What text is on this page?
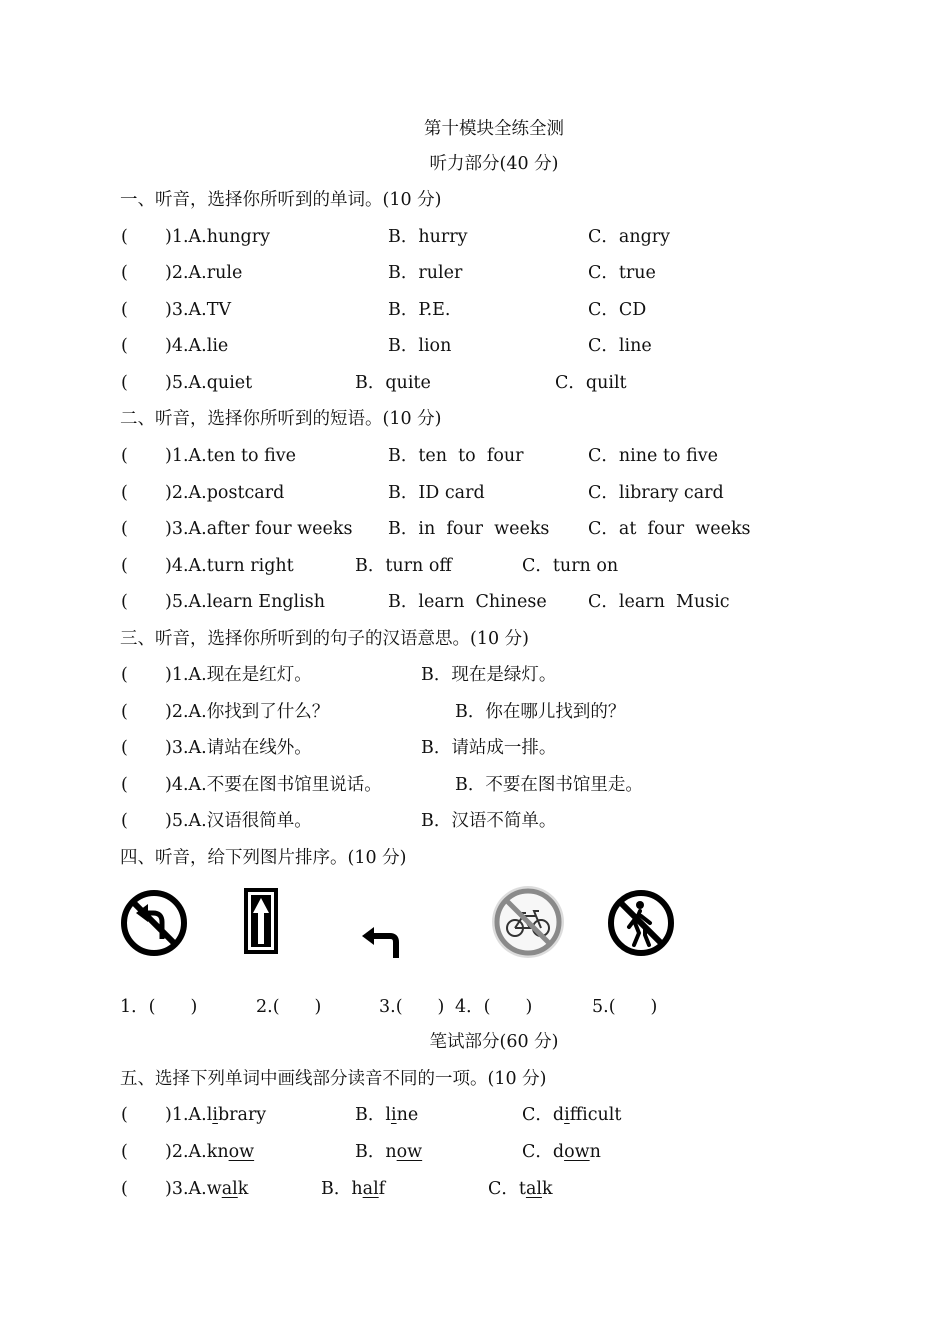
第十模块全练全测
听力部分(40 分)
一、听音，选择你所听到的单词。(10 分)
( )1.A.hungry	B．hurry	C．angry
( )2.A.rule	B．ruler	C．true
( )3.A.TV	B．P.E.	C．CD
( )4.A.lie	B．lion	C．line
( )5.A.quiet	B．quite	C．quilt
二、听音，选择你所听到的短语。(10 分)
( )1.A.ten to five	B．ten  to  four	C．nine to five
( )2.A.postcard	B．ID card	C．library card
( )3.A.after four weeks B．in  four  weeks C．at  four  weeks
( )4.A.turn right	B．turn off	C．turn on
( )5.A.learn English	B．learn  Chinese C．learn  Music
三、听音，选择你所听到的句子的汉语意思。(10 分)
( )1.A.现在是红灯。	B．现在是绿灯。
( )2.A.你找到了什么？	B．你在哪儿找到的？
( )3.A.请站在线外。	B．请站成一排。
( )4.A.不要在图书馆里说话。	B．不要在图书馆里走。
( )5.A.汉语很简单。	B．汉语不简单。
四、听音，给下列图片排序。(10 分)
1．(　　)	2.(　　)	3.(　　) 4．(　　)	5.(　　)
笔试部分(60 分)
五、选择下列单词中画线部分读音不同的一项。(10 分)
( )1.A.library	B．line	C．difficult
( )2.A.know	B．now	C．down
( )3.A.walk	B．half	C．talk
